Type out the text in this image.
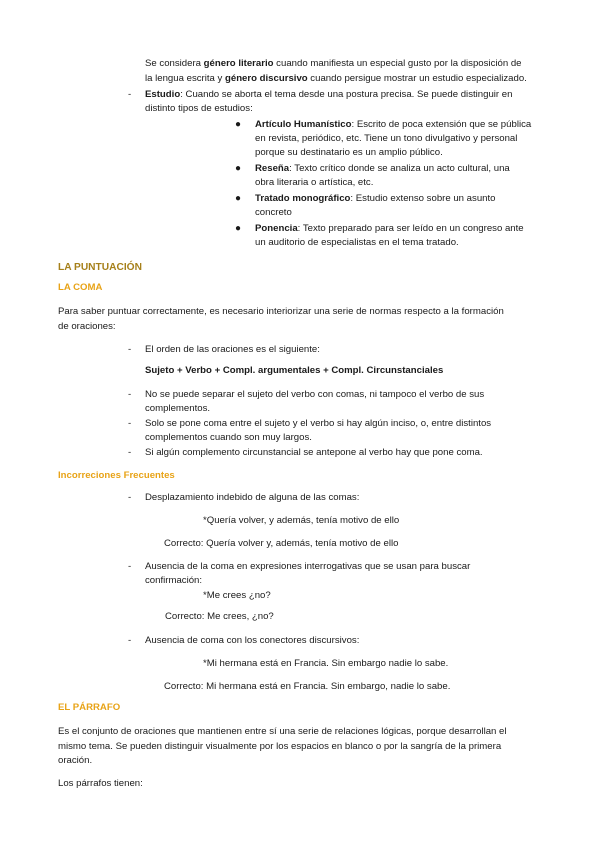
Se considera género literario cuando manifiesta un especial gusto por la disposición de
la lengua escrita y género discursivo cuando persigue mostrar un estudio especializado.
- Estudio: Cuando se aborta el tema desde una postura precisa. Se puede distinguir en
distinto tipos de estudios:
● Artículo Humanístico: Escrito de poca extensión que se pública
en revista, periódico, etc. Tiene un tono divulgativo y personal
porque su destinatario es un amplio público.
● Reseña: Texto crítico donde se analiza un acto cultural, una
obra literaria o artística, etc.
● Tratado monográfico: Estudio extenso sobre un asunto
concreto
● Ponencia: Texto preparado para ser leído en un congreso ante
un auditorio de especialistas en el tema tratado.
LA PUNTUACIÓN
LA COMA
Para saber puntuar correctamente, es necesario interiorizar una serie de normas respecto a la formación
de oraciones:
- El orden de las oraciones es el siguiente:
Sujeto + Verbo + Compl. argumentales + Compl. Circunstanciales
- No se puede separar el sujeto del verbo con comas, ni tampoco el verbo de sus
complementos.
- Solo se pone coma entre el sujeto y el verbo si hay algún inciso, o, entre distintos
complementos cuando son muy largos.
- Si algún complemento circunstancial se antepone al verbo hay que pone coma.
Incorreciones Frecuentes
- Desplazamiento indebido de alguna de las comas:
*Quería volver, y además, tenía motivo de ello
Correcto: Quería volver y, además, tenía motivo de ello
- Ausencia de la coma en expresiones interrogativas que se usan para buscar
confirmación:
*Me crees ¿no?
Correcto: Me crees, ¿no?
- Ausencia de coma con los conectores discursivos:
*Mi hermana está en Francia. Sin embargo nadie lo sabe.
Correcto: Mi hermana está en Francia. Sin embargo, nadie lo sabe.
EL PÁRRAFO
Es el conjunto de oraciones que mantienen entre sí una serie de relaciones lógicas, porque desarrollan el
mismo tema. Se pueden distinguir visualmente por los espacios en blanco o por la sangría de la primera
oración.
Los párrafos tienen:
